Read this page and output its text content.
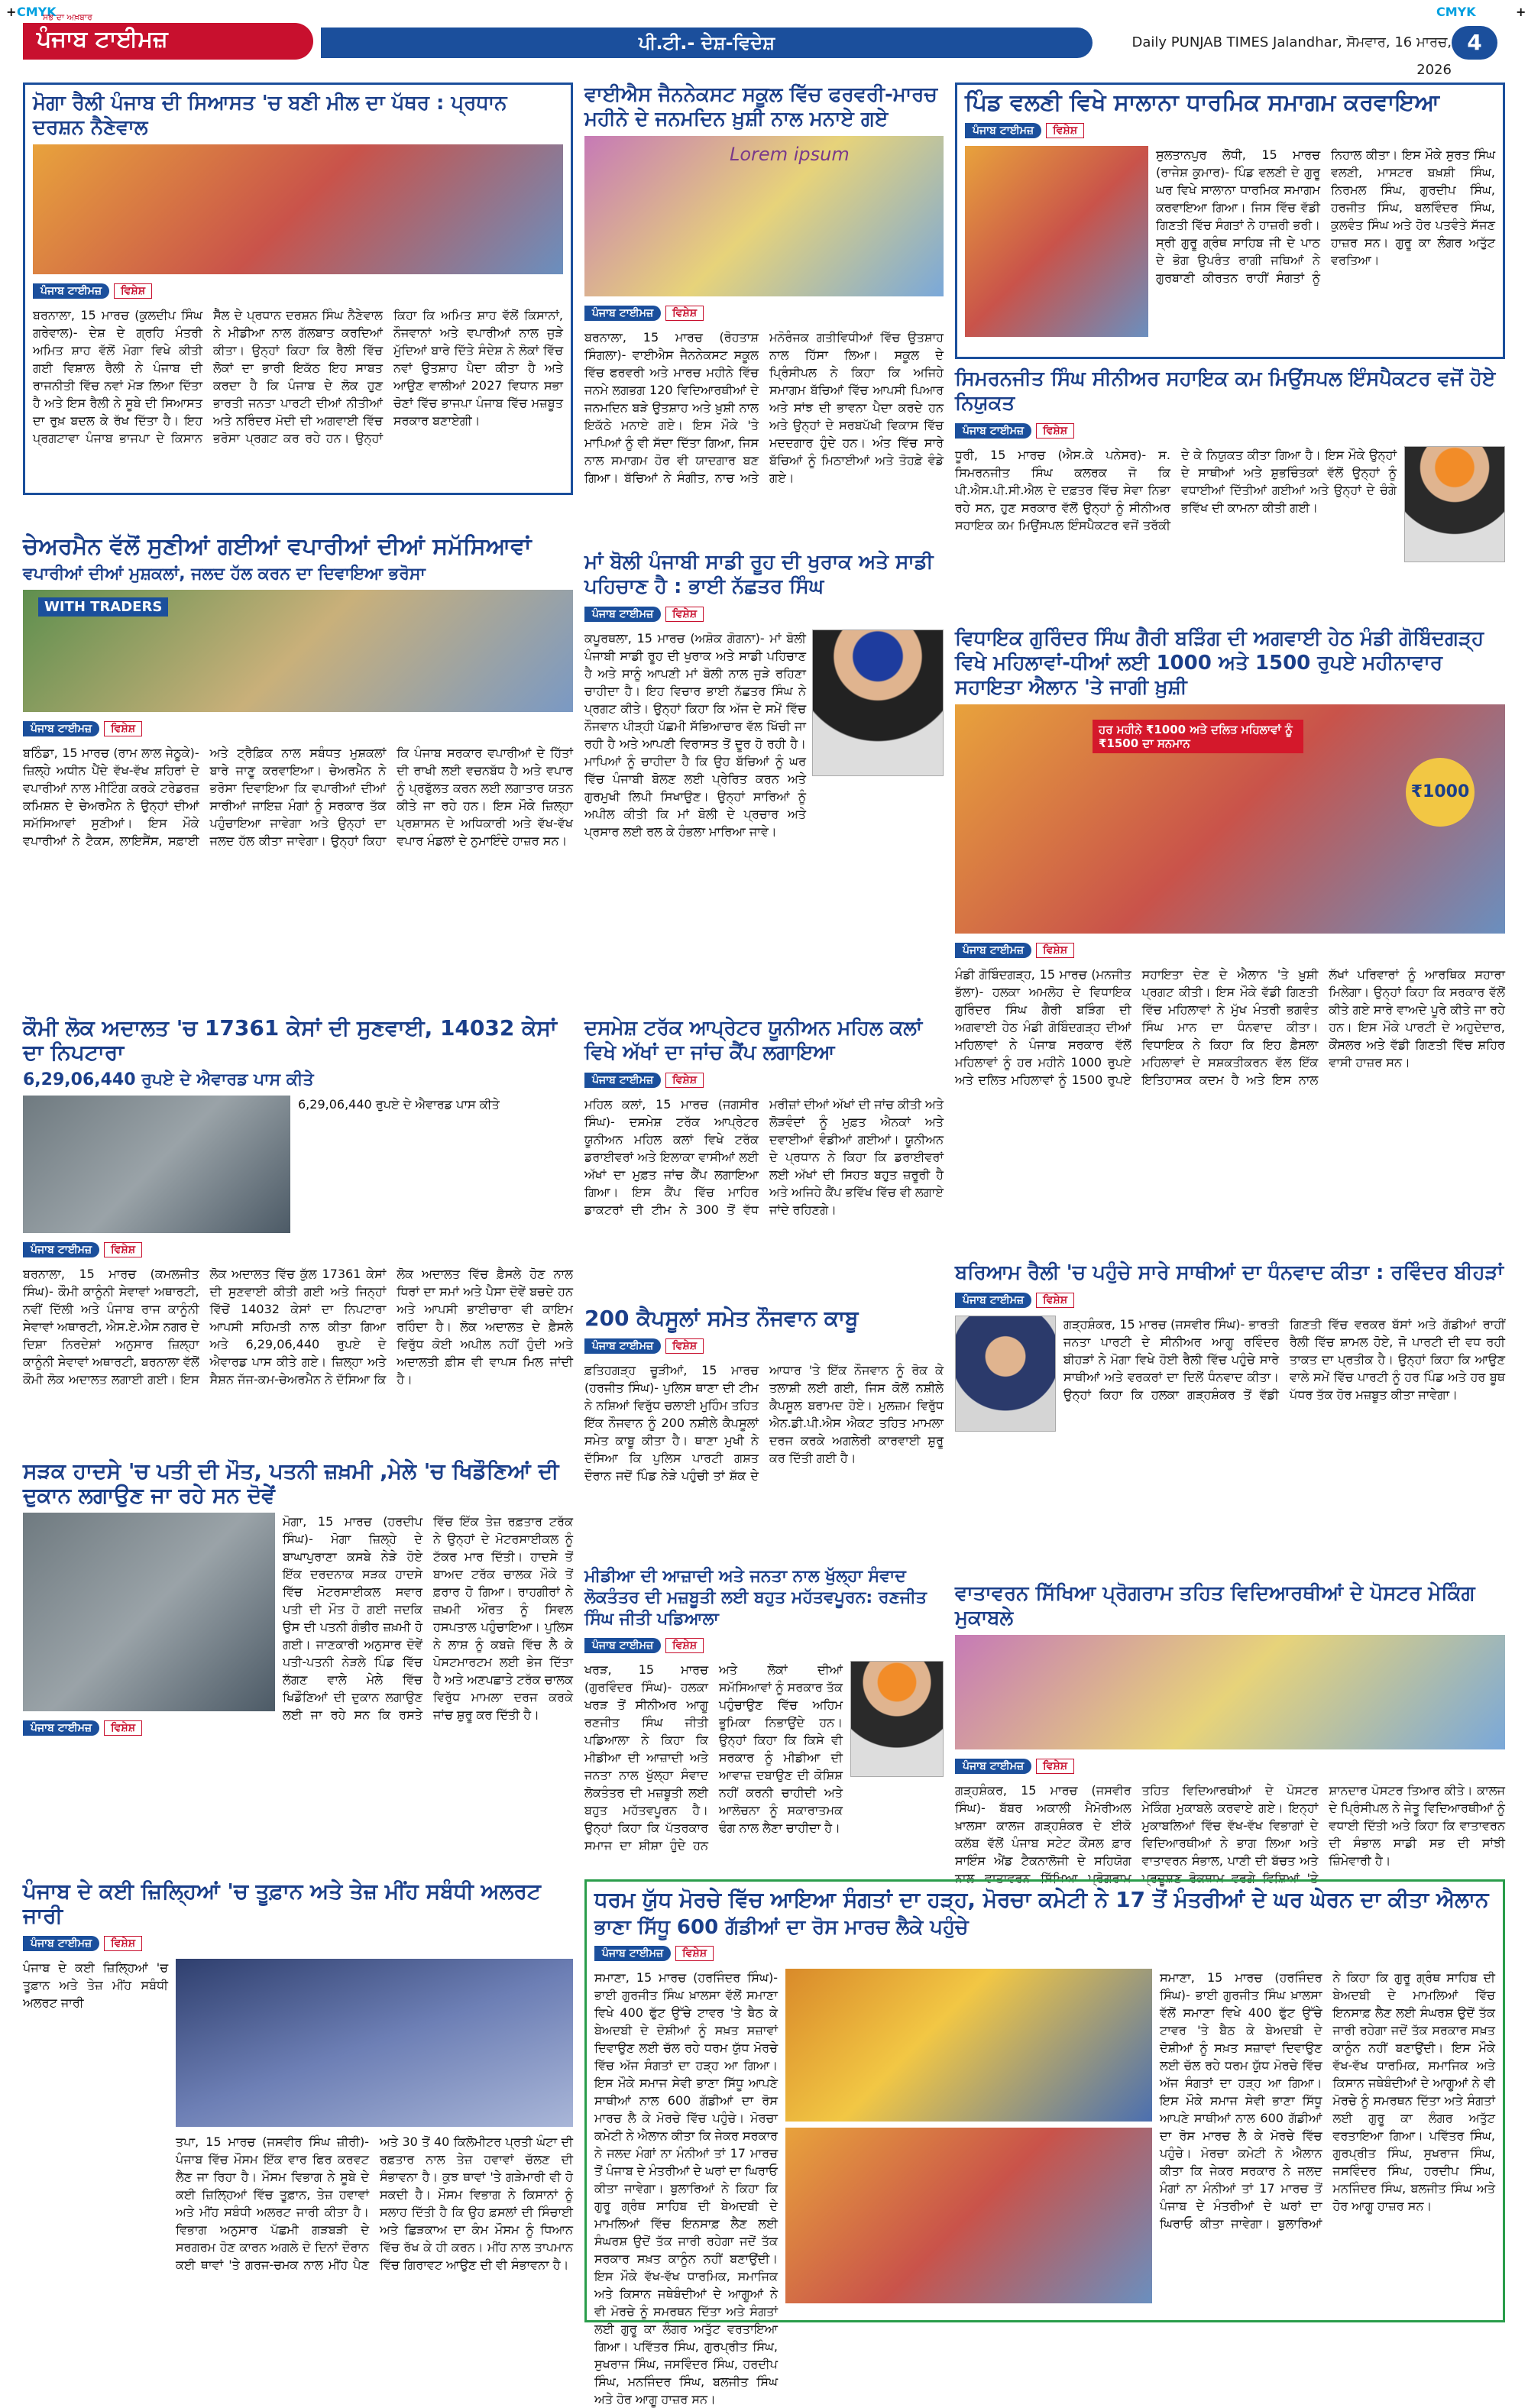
+ CMYK	CMYK	+
ਸਭ ਦਾ ਅਖ਼ਬਾਰ
ਪੰਜਾਬ ਟਾਈਮਜ਼	ਪੀ.ਟੀ.- ਦੇਸ਼-ਵਿਦੇਸ਼	Daily PUNJAB TIMES Jalandhar, ਸੋਮਵਾਰ, 16 ਮਾਰਚ, 2026
4
ਮੋਗਾ ਰੈਲੀ ਪੰਜਾਬ ਦੀ ਸਿਆਸਤ 'ਚ ਬਣੀ ਮੀਲ ਦਾ ਪੱਥਰ : ਪ੍ਰਧਾਨ ਦਰਸ਼ਨ ਨੈਣੇਵਾਲ
ਪੰਜਾਬ ਟਾਈਮਜ਼ ਵਿਸ਼ੇਸ਼
ਬਰਨਾਲਾ, 15 ਮਾਰਚ (ਕੁਲਦੀਪ ਸਿੰਘ ਗਰੇਵਾਲ)- ਦੇਸ਼ ਦੇ ਗ੍ਰਹਿ ਮੰਤਰੀ ਅਮਿਤ ਸ਼ਾਹ ਵੱਲੋਂ ਮੋਗਾ ਵਿਖੇ ਕੀਤੀ ਗਈ ਵਿਸ਼ਾਲ ਰੈਲੀ ਨੇ ਪੰਜਾਬ ਦੀ ਰਾਜਨੀਤੀ ਵਿੱਚ ਨਵਾਂ ਮੋੜ ਲਿਆ ਦਿੱਤਾ ਹੈ ਅਤੇ ਇਸ ਰੈਲੀ ਨੇ ਸੂਬੇ ਦੀ ਸਿਆਸਤ ਦਾ ਰੁਖ਼ ਬਦਲ ਕੇ ਰੱਖ ਦਿੱਤਾ ਹੈ। ਇਹ ਪ੍ਰਗਟਾਵਾ ਪੰਜਾਬ ਭਾਜਪਾ ਦੇ ਕਿਸਾਨ ਸੈੱਲ ਦੇ ਪ੍ਰਧਾਨ ਦਰਸ਼ਨ ਸਿੰਘ ਨੈਣੇਵਾਲ ਨੇ ਮੀਡੀਆ ਨਾਲ ਗੱਲਬਾਤ ਕਰਦਿਆਂ ਕੀਤਾ। ਉਨ੍ਹਾਂ ਕਿਹਾ ਕਿ ਰੈਲੀ ਵਿੱਚ ਲੋਕਾਂ ਦਾ ਭਾਰੀ ਇਕੱਠ ਇਹ ਸਾਬਤ ਕਰਦਾ ਹੈ ਕਿ ਪੰਜਾਬ ਦੇ ਲੋਕ ਹੁਣ ਭਾਰਤੀ ਜਨਤਾ ਪਾਰਟੀ ਦੀਆਂ ਨੀਤੀਆਂ ਅਤੇ ਨਰਿੰਦਰ ਮੋਦੀ ਦੀ ਅਗਵਾਈ ਵਿੱਚ ਭਰੋਸਾ ਪ੍ਰਗਟ ਕਰ ਰਹੇ ਹਨ। ਉਨ੍ਹਾਂ ਕਿਹਾ ਕਿ ਅਮਿਤ ਸ਼ਾਹ ਵੱਲੋਂ ਕਿਸਾਨਾਂ, ਨੌਜਵਾਨਾਂ ਅਤੇ ਵਪਾਰੀਆਂ ਨਾਲ ਜੁੜੇ ਮੁੱਦਿਆਂ ਬਾਰੇ ਦਿੱਤੇ ਸੰਦੇਸ਼ ਨੇ ਲੋਕਾਂ ਵਿੱਚ ਨਵਾਂ ਉਤਸ਼ਾਹ ਪੈਦਾ ਕੀਤਾ ਹੈ ਅਤੇ ਆਉਣ ਵਾਲੀਆਂ 2027 ਵਿਧਾਨ ਸਭਾ ਚੋਣਾਂ ਵਿੱਚ ਭਾਜਪਾ ਪੰਜਾਬ ਵਿੱਚ ਮਜ਼ਬੂਤ ਸਰਕਾਰ ਬਣਾਏਗੀ।
ਵਾਈਐਸ ਜੈਨਨੇਕਸਟ ਸਕੂਲ ਵਿੱਚ ਫਰਵਰੀ-ਮਾਰਚ ਮਹੀਨੇ ਦੇ ਜਨਮਦਿਨ ਖ਼ੁਸ਼ੀ ਨਾਲ ਮਨਾਏ ਗਏ
Lorem ipsum
ਪੰਜਾਬ ਟਾਈਮਜ਼ ਵਿਸ਼ੇਸ਼
ਬਰਨਾਲਾ, 15 ਮਾਰਚ (ਰੋਹਤਾਸ਼ ਸਿੰਗਲਾ)- ਵਾਈਐਸ ਜੈਨਨੇਕਸਟ ਸਕੂਲ ਵਿੱਚ ਫਰਵਰੀ ਅਤੇ ਮਾਰਚ ਮਹੀਨੇ ਵਿੱਚ ਜਨਮੇ ਲਗਭਗ 120 ਵਿਦਿਆਰਥੀਆਂ ਦੇ ਜਨਮਦਿਨ ਬੜੇ ਉਤਸ਼ਾਹ ਅਤੇ ਖ਼ੁਸ਼ੀ ਨਾਲ ਇਕੱਠੇ ਮਨਾਏ ਗਏ। ਇਸ ਮੌਕੇ 'ਤੇ ਮਾਪਿਆਂ ਨੂੰ ਵੀ ਸੱਦਾ ਦਿੱਤਾ ਗਿਆ, ਜਿਸ ਨਾਲ ਸਮਾਗਮ ਹੋਰ ਵੀ ਯਾਦਗਾਰ ਬਣ ਗਿਆ। ਬੱਚਿਆਂ ਨੇ ਸੰਗੀਤ, ਨਾਚ ਅਤੇ ਮਨੋਰੰਜਕ ਗਤੀਵਿਧੀਆਂ ਵਿੱਚ ਉਤਸ਼ਾਹ ਨਾਲ ਹਿੱਸਾ ਲਿਆ। ਸਕੂਲ ਦੇ ਪ੍ਰਿੰਸੀਪਲ ਨੇ ਕਿਹਾ ਕਿ ਅਜਿਹੇ ਸਮਾਗਮ ਬੱਚਿਆਂ ਵਿੱਚ ਆਪਸੀ ਪਿਆਰ ਅਤੇ ਸਾਂਝ ਦੀ ਭਾਵਨਾ ਪੈਦਾ ਕਰਦੇ ਹਨ ਅਤੇ ਉਨ੍ਹਾਂ ਦੇ ਸਰਬਪੱਖੀ ਵਿਕਾਸ ਵਿੱਚ ਮਦਦਗਾਰ ਹੁੰਦੇ ਹਨ। ਅੰਤ ਵਿੱਚ ਸਾਰੇ ਬੱਚਿਆਂ ਨੂੰ ਮਿਠਾਈਆਂ ਅਤੇ ਤੋਹਫ਼ੇ ਵੰਡੇ ਗਏ।
ਪਿੰਡ ਵਲਣੀ ਵਿਖੇ ਸਾਲਾਨਾ ਧਾਰਮਿਕ ਸਮਾਗਮ ਕਰਵਾਇਆ
ਪੰਜਾਬ ਟਾਈਮਜ਼ ਵਿਸ਼ੇਸ਼
ਸੁਲਤਾਨਪੁਰ ਲੋਧੀ, 15 ਮਾਰਚ (ਰਾਜੇਸ਼ ਕੁਮਾਰ)- ਪਿੰਡ ਵਲਣੀ ਦੇ ਗੁਰੂ ਘਰ ਵਿਖੇ ਸਾਲਾਨਾ ਧਾਰਮਿਕ ਸਮਾਗਮ ਕਰਵਾਇਆ ਗਿਆ। ਜਿਸ ਵਿੱਚ ਵੱਡੀ ਗਿਣਤੀ ਵਿੱਚ ਸੰਗਤਾਂ ਨੇ ਹਾਜ਼ਰੀ ਭਰੀ। ਸ੍ਰੀ ਗੁਰੂ ਗ੍ਰੰਥ ਸਾਹਿਬ ਜੀ ਦੇ ਪਾਠ ਦੇ ਭੋਗ ਉਪਰੰਤ ਰਾਗੀ ਜਥਿਆਂ ਨੇ ਗੁਰਬਾਣੀ ਕੀਰਤਨ ਰਾਹੀਂ ਸੰਗਤਾਂ ਨੂੰ ਨਿਹਾਲ ਕੀਤਾ। ਇਸ ਮੌਕੇ ਸੁਰਤ ਸਿੰਘ ਵਲਣੀ, ਮਾਸਟਰ ਬਖ਼ਸ਼ੀ ਸਿੰਘ, ਨਿਰਮਲ ਸਿੰਘ, ਗੁਰਦੀਪ ਸਿੰਘ, ਹਰਜੀਤ ਸਿੰਘ, ਬਲਵਿੰਦਰ ਸਿੰਘ, ਕੁਲਵੰਤ ਸਿੰਘ ਅਤੇ ਹੋਰ ਪਤਵੰਤੇ ਸੱਜਣ ਹਾਜ਼ਰ ਸਨ। ਗੁਰੂ ਕਾ ਲੰਗਰ ਅਤੁੱਟ ਵਰਤਿਆ।
ਸਿਮਰਨਜੀਤ ਸਿੰਘ ਸੀਨੀਅਰ ਸਹਾਇਕ ਕਮ ਮਿਉਂਸਪਲ ਇੰਸਪੈਕਟਰ ਵਜੋਂ ਹੋਏ ਨਿਯੁਕਤ
ਪੰਜਾਬ ਟਾਈਮਜ਼ ਵਿਸ਼ੇਸ਼
ਧੂਰੀ, 15 ਮਾਰਚ (ਐਸ.ਕੇ ਪਨੇਸਰ)- ਸ. ਸਿਮਰਨਜੀਤ ਸਿੰਘ ਕਲਰਕ ਜੋ ਕਿ ਪੀ.ਐਸ.ਪੀ.ਸੀ.ਐਲ ਦੇ ਦਫ਼ਤਰ ਵਿੱਚ ਸੇਵਾ ਨਿਭਾ ਰਹੇ ਸਨ, ਹੁਣ ਸਰਕਾਰ ਵੱਲੋਂ ਉਨ੍ਹਾਂ ਨੂੰ ਸੀਨੀਅਰ ਸਹਾਇਕ ਕਮ ਮਿਉਂਸਪਲ ਇੰਸਪੈਕਟਰ ਵਜੋਂ ਤਰੱਕੀ ਦੇ ਕੇ ਨਿਯੁਕਤ ਕੀਤਾ ਗਿਆ ਹੈ। ਇਸ ਮੌਕੇ ਉਨ੍ਹਾਂ ਦੇ ਸਾਥੀਆਂ ਅਤੇ ਸ਼ੁਭਚਿੰਤਕਾਂ ਵੱਲੋਂ ਉਨ੍ਹਾਂ ਨੂੰ ਵਧਾਈਆਂ ਦਿੱਤੀਆਂ ਗਈਆਂ ਅਤੇ ਉਨ੍ਹਾਂ ਦੇ ਚੰਗੇ ਭਵਿੱਖ ਦੀ ਕਾਮਨਾ ਕੀਤੀ ਗਈ।
ਚੇਅਰਮੈਨ ਵੱਲੋਂ ਸੁਣੀਆਂ ਗਈਆਂ ਵਪਾਰੀਆਂ ਦੀਆਂ ਸਮੱਸਿਆਵਾਂ
ਵਪਾਰੀਆਂ ਦੀਆਂ ਮੁਸ਼ਕਲਾਂ, ਜਲਦ ਹੱਲ ਕਰਨ ਦਾ ਦਿਵਾਇਆ ਭਰੋਸਾ
WITH TRADERS
ਪੰਜਾਬ ਟਾਈਮਜ਼ ਵਿਸ਼ੇਸ਼
ਬਠਿੰਡਾ, 15 ਮਾਰਚ (ਰਾਮ ਲਾਲ ਜੇਠੂਕੇ)- ਜ਼ਿਲ੍ਹੇ ਅਧੀਨ ਪੈਂਦੇ ਵੱਖ-ਵੱਖ ਸ਼ਹਿਰਾਂ ਦੇ ਵਪਾਰੀਆਂ ਨਾਲ ਮੀਟਿੰਗ ਕਰਕੇ ਟਰੇਡਰਜ਼ ਕਮਿਸ਼ਨ ਦੇ ਚੇਅਰਮੈਨ ਨੇ ਉਨ੍ਹਾਂ ਦੀਆਂ ਸਮੱਸਿਆਵਾਂ ਸੁਣੀਆਂ। ਇਸ ਮੌਕੇ ਵਪਾਰੀਆਂ ਨੇ ਟੈਕਸ, ਲਾਇਸੈਂਸ, ਸਫ਼ਾਈ ਅਤੇ ਟ੍ਰੈਫ਼ਿਕ ਨਾਲ ਸਬੰਧਤ ਮੁਸ਼ਕਲਾਂ ਬਾਰੇ ਜਾਣੂ ਕਰਵਾਇਆ। ਚੇਅਰਮੈਨ ਨੇ ਭਰੋਸਾ ਦਿਵਾਇਆ ਕਿ ਵਪਾਰੀਆਂ ਦੀਆਂ ਸਾਰੀਆਂ ਜਾਇਜ਼ ਮੰਗਾਂ ਨੂੰ ਸਰਕਾਰ ਤੱਕ ਪਹੁੰਚਾਇਆ ਜਾਵੇਗਾ ਅਤੇ ਉਨ੍ਹਾਂ ਦਾ ਜਲਦ ਹੱਲ ਕੀਤਾ ਜਾਵੇਗਾ। ਉਨ੍ਹਾਂ ਕਿਹਾ ਕਿ ਪੰਜਾਬ ਸਰਕਾਰ ਵਪਾਰੀਆਂ ਦੇ ਹਿੱਤਾਂ ਦੀ ਰਾਖੀ ਲਈ ਵਚਨਬੱਧ ਹੈ ਅਤੇ ਵਪਾਰ ਨੂੰ ਪ੍ਰਫੁੱਲਤ ਕਰਨ ਲਈ ਲਗਾਤਾਰ ਯਤਨ ਕੀਤੇ ਜਾ ਰਹੇ ਹਨ। ਇਸ ਮੌਕੇ ਜ਼ਿਲ੍ਹਾ ਪ੍ਰਸ਼ਾਸਨ ਦੇ ਅਧਿਕਾਰੀ ਅਤੇ ਵੱਖ-ਵੱਖ ਵਪਾਰ ਮੰਡਲਾਂ ਦੇ ਨੁਮਾਇੰਦੇ ਹਾਜ਼ਰ ਸਨ।
ਮਾਂ ਬੋਲੀ ਪੰਜਾਬੀ ਸਾਡੀ ਰੂਹ ਦੀ ਖੁਰਾਕ ਅਤੇ ਸਾਡੀ ਪਹਿਚਾਣ ਹੈ : ਭਾਈ ਨੱਛਤਰ ਸਿੰਘ
ਪੰਜਾਬ ਟਾਈਮਜ਼ ਵਿਸ਼ੇਸ਼
ਕਪੂਰਥਲਾ, 15 ਮਾਰਚ (ਅਸ਼ੋਕ ਗੋਗਨਾ)- ਮਾਂ ਬੋਲੀ ਪੰਜਾਬੀ ਸਾਡੀ ਰੂਹ ਦੀ ਖੁਰਾਕ ਅਤੇ ਸਾਡੀ ਪਹਿਚਾਣ ਹੈ ਅਤੇ ਸਾਨੂੰ ਆਪਣੀ ਮਾਂ ਬੋਲੀ ਨਾਲ ਜੁੜੇ ਰਹਿਣਾ ਚਾਹੀਦਾ ਹੈ। ਇਹ ਵਿਚਾਰ ਭਾਈ ਨੱਛਤਰ ਸਿੰਘ ਨੇ ਪ੍ਰਗਟ ਕੀਤੇ। ਉਨ੍ਹਾਂ ਕਿਹਾ ਕਿ ਅੱਜ ਦੇ ਸਮੇਂ ਵਿੱਚ ਨੌਜਵਾਨ ਪੀੜ੍ਹੀ ਪੱਛਮੀ ਸੱਭਿਆਚਾਰ ਵੱਲ ਖਿੱਚੀ ਜਾ ਰਹੀ ਹੈ ਅਤੇ ਆਪਣੀ ਵਿਰਾਸਤ ਤੋਂ ਦੂਰ ਹੋ ਰਹੀ ਹੈ। ਮਾਪਿਆਂ ਨੂੰ ਚਾਹੀਦਾ ਹੈ ਕਿ ਉਹ ਬੱਚਿਆਂ ਨੂੰ ਘਰ ਵਿੱਚ ਪੰਜਾਬੀ ਬੋਲਣ ਲਈ ਪ੍ਰੇਰਿਤ ਕਰਨ ਅਤੇ ਗੁਰਮੁਖੀ ਲਿਪੀ ਸਿਖਾਉਣ। ਉਨ੍ਹਾਂ ਸਾਰਿਆਂ ਨੂੰ ਅਪੀਲ ਕੀਤੀ ਕਿ ਮਾਂ ਬੋਲੀ ਦੇ ਪ੍ਰਚਾਰ ਅਤੇ ਪ੍ਰਸਾਰ ਲਈ ਰਲ ਕੇ ਹੰਭਲਾ ਮਾਰਿਆ ਜਾਵੇ।
ਵਿਧਾਇਕ ਗੁਰਿੰਦਰ ਸਿੰਘ ਗੈਰੀ ਬੜਿੰਗ ਦੀ ਅਗਵਾਈ ਹੇਠ ਮੰਡੀ ਗੋਬਿੰਦਗੜ੍ਹ ਵਿਖੇ ਮਹਿਲਾਵਾਂ-ਧੀਆਂ ਲਈ 1000 ਅਤੇ 1500 ਰੁਪਏ ਮਹੀਨਾਵਾਰ ਸਹਾਇਤਾ ਐਲਾਨ 'ਤੇ ਜਾਗੀ ਖ਼ੁਸ਼ੀ
ਹਰ ਮਹੀਨੇ ₹1000 ਅਤੇ ਦਲਿਤ ਮਹਿਲਾਵਾਂ ਨੂੰ ₹1500 ਦਾ ਸਨਮਾਨ
₹1000
ਪੰਜਾਬ ਟਾਈਮਜ਼ ਵਿਸ਼ੇਸ਼
ਮੰਡੀ ਗੋਬਿੰਦਗੜ੍ਹ, 15 ਮਾਰਚ (ਮਨਜੀਤ ਭੱਲਾ)- ਹਲਕਾ ਅਮਲੋਹ ਦੇ ਵਿਧਾਇਕ ਗੁਰਿੰਦਰ ਸਿੰਘ ਗੈਰੀ ਬੜਿੰਗ ਦੀ ਅਗਵਾਈ ਹੇਠ ਮੰਡੀ ਗੋਬਿੰਦਗੜ੍ਹ ਦੀਆਂ ਮਹਿਲਾਵਾਂ ਨੇ ਪੰਜਾਬ ਸਰਕਾਰ ਵੱਲੋਂ ਮਹਿਲਾਵਾਂ ਨੂੰ ਹਰ ਮਹੀਨੇ 1000 ਰੁਪਏ ਅਤੇ ਦਲਿਤ ਮਹਿਲਾਵਾਂ ਨੂੰ 1500 ਰੁਪਏ ਸਹਾਇਤਾ ਦੇਣ ਦੇ ਐਲਾਨ 'ਤੇ ਖ਼ੁਸ਼ੀ ਪ੍ਰਗਟ ਕੀਤੀ। ਇਸ ਮੌਕੇ ਵੱਡੀ ਗਿਣਤੀ ਵਿੱਚ ਮਹਿਲਾਵਾਂ ਨੇ ਮੁੱਖ ਮੰਤਰੀ ਭਗਵੰਤ ਸਿੰਘ ਮਾਨ ਦਾ ਧੰਨਵਾਦ ਕੀਤਾ। ਵਿਧਾਇਕ ਨੇ ਕਿਹਾ ਕਿ ਇਹ ਫ਼ੈਸਲਾ ਮਹਿਲਾਵਾਂ ਦੇ ਸਸ਼ਕਤੀਕਰਨ ਵੱਲ ਇੱਕ ਇਤਿਹਾਸਕ ਕਦਮ ਹੈ ਅਤੇ ਇਸ ਨਾਲ ਲੱਖਾਂ ਪਰਿਵਾਰਾਂ ਨੂੰ ਆਰਥਿਕ ਸਹਾਰਾ ਮਿਲੇਗਾ। ਉਨ੍ਹਾਂ ਕਿਹਾ ਕਿ ਸਰਕਾਰ ਵੱਲੋਂ ਕੀਤੇ ਗਏ ਸਾਰੇ ਵਾਅਦੇ ਪੂਰੇ ਕੀਤੇ ਜਾ ਰਹੇ ਹਨ। ਇਸ ਮੌਕੇ ਪਾਰਟੀ ਦੇ ਅਹੁਦੇਦਾਰ, ਕੌਂਸਲਰ ਅਤੇ ਵੱਡੀ ਗਿਣਤੀ ਵਿੱਚ ਸ਼ਹਿਰ ਵਾਸੀ ਹਾਜ਼ਰ ਸਨ।
ਕੌਮੀ ਲੋਕ ਅਦਾਲਤ 'ਚ 17361 ਕੇਸਾਂ ਦੀ ਸੁਣਵਾਈ, 14032 ਕੇਸਾਂ ਦਾ ਨਿਪਟਾਰਾ
6,29,06,440 ਰੁਪਏ ਦੇ ਐਵਾਰਡ ਪਾਸ ਕੀਤੇ
6,29,06,440 ਰੁਪਏ ਦੇ ਐਵਾਰਡ ਪਾਸ ਕੀਤੇ
ਪੰਜਾਬ ਟਾਈਮਜ਼ ਵਿਸ਼ੇਸ਼
ਬਰਨਾਲਾ, 15 ਮਾਰਚ (ਕਮਲਜੀਤ ਸਿੰਘ)- ਕੌਮੀ ਕਾਨੂੰਨੀ ਸੇਵਾਵਾਂ ਅਥਾਰਟੀ, ਨਵੀਂ ਦਿੱਲੀ ਅਤੇ ਪੰਜਾਬ ਰਾਜ ਕਾਨੂੰਨੀ ਸੇਵਾਵਾਂ ਅਥਾਰਟੀ, ਐਸ.ਏ.ਐਸ ਨਗਰ ਦੇ ਦਿਸ਼ਾ ਨਿਰਦੇਸ਼ਾਂ ਅਨੁਸਾਰ ਜ਼ਿਲ੍ਹਾ ਕਾਨੂੰਨੀ ਸੇਵਾਵਾਂ ਅਥਾਰਟੀ, ਬਰਨਾਲਾ ਵੱਲੋਂ ਕੌਮੀ ਲੋਕ ਅਦਾਲਤ ਲਗਾਈ ਗਈ। ਇਸ ਲੋਕ ਅਦਾਲਤ ਵਿੱਚ ਕੁੱਲ 17361 ਕੇਸਾਂ ਦੀ ਸੁਣਵਾਈ ਕੀਤੀ ਗਈ ਅਤੇ ਜਿਨ੍ਹਾਂ ਵਿੱਚੋਂ 14032 ਕੇਸਾਂ ਦਾ ਨਿਪਟਾਰਾ ਆਪਸੀ ਸਹਿਮਤੀ ਨਾਲ ਕੀਤਾ ਗਿਆ ਅਤੇ 6,29,06,440 ਰੁਪਏ ਦੇ ਐਵਾਰਡ ਪਾਸ ਕੀਤੇ ਗਏ। ਜ਼ਿਲ੍ਹਾ ਅਤੇ ਸੈਸ਼ਨ ਜੱਜ-ਕਮ-ਚੇਅਰਮੈਨ ਨੇ ਦੱਸਿਆ ਕਿ ਲੋਕ ਅਦਾਲਤ ਵਿੱਚ ਫ਼ੈਸਲੇ ਹੋਣ ਨਾਲ ਧਿਰਾਂ ਦਾ ਸਮਾਂ ਅਤੇ ਪੈਸਾ ਦੋਵੇਂ ਬਚਦੇ ਹਨ ਅਤੇ ਆਪਸੀ ਭਾਈਚਾਰਾ ਵੀ ਕਾਇਮ ਰਹਿੰਦਾ ਹੈ। ਲੋਕ ਅਦਾਲਤ ਦੇ ਫ਼ੈਸਲੇ ਵਿਰੁੱਧ ਕੋਈ ਅਪੀਲ ਨਹੀਂ ਹੁੰਦੀ ਅਤੇ ਅਦਾਲਤੀ ਫ਼ੀਸ ਵੀ ਵਾਪਸ ਮਿਲ ਜਾਂਦੀ ਹੈ।
ਦਸਮੇਸ਼ ਟਰੱਕ ਆਪ੍ਰੇਟਰ ਯੂਨੀਅਨ ਮਹਿਲ ਕਲਾਂ ਵਿਖੇ ਅੱਖਾਂ ਦਾ ਜਾਂਚ ਕੈਂਪ ਲਗਾਇਆ
ਪੰਜਾਬ ਟਾਈਮਜ਼ ਵਿਸ਼ੇਸ਼
ਮਹਿਲ ਕਲਾਂ, 15 ਮਾਰਚ (ਜਗਸੀਰ ਸਿੰਘ)- ਦਸਮੇਸ਼ ਟਰੱਕ ਆਪ੍ਰੇਟਰ ਯੂਨੀਅਨ ਮਹਿਲ ਕਲਾਂ ਵਿਖੇ ਟਰੱਕ ਡਰਾਈਵਰਾਂ ਅਤੇ ਇਲਾਕਾ ਵਾਸੀਆਂ ਲਈ ਅੱਖਾਂ ਦਾ ਮੁਫ਼ਤ ਜਾਂਚ ਕੈਂਪ ਲਗਾਇਆ ਗਿਆ। ਇਸ ਕੈਂਪ ਵਿੱਚ ਮਾਹਿਰ ਡਾਕਟਰਾਂ ਦੀ ਟੀਮ ਨੇ 300 ਤੋਂ ਵੱਧ ਮਰੀਜ਼ਾਂ ਦੀਆਂ ਅੱਖਾਂ ਦੀ ਜਾਂਚ ਕੀਤੀ ਅਤੇ ਲੋੜਵੰਦਾਂ ਨੂੰ ਮੁਫ਼ਤ ਐਨਕਾਂ ਅਤੇ ਦਵਾਈਆਂ ਵੰਡੀਆਂ ਗਈਆਂ। ਯੂਨੀਅਨ ਦੇ ਪ੍ਰਧਾਨ ਨੇ ਕਿਹਾ ਕਿ ਡਰਾਈਵਰਾਂ ਲਈ ਅੱਖਾਂ ਦੀ ਸਿਹਤ ਬਹੁਤ ਜ਼ਰੂਰੀ ਹੈ ਅਤੇ ਅਜਿਹੇ ਕੈਂਪ ਭਵਿੱਖ ਵਿੱਚ ਵੀ ਲਗਾਏ ਜਾਂਦੇ ਰਹਿਣਗੇ।
200 ਕੈਪਸੂਲਾਂ ਸਮੇਤ ਨੌਜਵਾਨ ਕਾਬੂ
ਪੰਜਾਬ ਟਾਈਮਜ਼ ਵਿਸ਼ੇਸ਼
ਫ਼ਤਿਹਗੜ੍ਹ ਚੂੜੀਆਂ, 15 ਮਾਰਚ (ਹਰਜੀਤ ਸਿੰਘ)- ਪੁਲਿਸ ਥਾਣਾ ਦੀ ਟੀਮ ਨੇ ਨਸ਼ਿਆਂ ਵਿਰੁੱਧ ਚਲਾਈ ਮੁਹਿੰਮ ਤਹਿਤ ਇੱਕ ਨੌਜਵਾਨ ਨੂੰ 200 ਨਸ਼ੀਲੇ ਕੈਪਸੂਲਾਂ ਸਮੇਤ ਕਾਬੂ ਕੀਤਾ ਹੈ। ਥਾਣਾ ਮੁਖੀ ਨੇ ਦੱਸਿਆ ਕਿ ਪੁਲਿਸ ਪਾਰਟੀ ਗਸ਼ਤ ਦੌਰਾਨ ਜਦੋਂ ਪਿੰਡ ਨੇੜੇ ਪਹੁੰਚੀ ਤਾਂ ਸ਼ੱਕ ਦੇ ਆਧਾਰ 'ਤੇ ਇੱਕ ਨੌਜਵਾਨ ਨੂੰ ਰੋਕ ਕੇ ਤਲਾਸ਼ੀ ਲਈ ਗਈ, ਜਿਸ ਕੋਲੋਂ ਨਸ਼ੀਲੇ ਕੈਪਸੂਲ ਬਰਾਮਦ ਹੋਏ। ਮੁਲਜ਼ਮ ਵਿਰੁੱਧ ਐਨ.ਡੀ.ਪੀ.ਐਸ ਐਕਟ ਤਹਿਤ ਮਾਮਲਾ ਦਰਜ ਕਰਕੇ ਅਗਲੇਰੀ ਕਾਰਵਾਈ ਸ਼ੁਰੂ ਕਰ ਦਿੱਤੀ ਗਈ ਹੈ।
ਬਰਿਆਮ ਰੈਲੀ 'ਚ ਪਹੁੰਚੇ ਸਾਰੇ ਸਾਥੀਆਂ ਦਾ ਧੰਨਵਾਦ ਕੀਤਾ : ਰਵਿੰਦਰ ਬੀਹੜਾਂ
ਪੰਜਾਬ ਟਾਈਮਜ਼ ਵਿਸ਼ੇਸ਼
ਗੜ੍ਹਸ਼ੰਕਰ, 15 ਮਾਰਚ (ਜਸਵੀਰ ਸਿੰਘ)- ਭਾਰਤੀ ਜਨਤਾ ਪਾਰਟੀ ਦੇ ਸੀਨੀਅਰ ਆਗੂ ਰਵਿੰਦਰ ਬੀਹੜਾਂ ਨੇ ਮੋਗਾ ਵਿਖੇ ਹੋਈ ਰੈਲੀ ਵਿੱਚ ਪਹੁੰਚੇ ਸਾਰੇ ਸਾਥੀਆਂ ਅਤੇ ਵਰਕਰਾਂ ਦਾ ਦਿਲੋਂ ਧੰਨਵਾਦ ਕੀਤਾ। ਉਨ੍ਹਾਂ ਕਿਹਾ ਕਿ ਹਲਕਾ ਗੜ੍ਹਸ਼ੰਕਰ ਤੋਂ ਵੱਡੀ ਗਿਣਤੀ ਵਿੱਚ ਵਰਕਰ ਬੱਸਾਂ ਅਤੇ ਗੱਡੀਆਂ ਰਾਹੀਂ ਰੈਲੀ ਵਿੱਚ ਸ਼ਾਮਲ ਹੋਏ, ਜੋ ਪਾਰਟੀ ਦੀ ਵਧ ਰਹੀ ਤਾਕਤ ਦਾ ਪ੍ਰਤੀਕ ਹੈ। ਉਨ੍ਹਾਂ ਕਿਹਾ ਕਿ ਆਉਣ ਵਾਲੇ ਸਮੇਂ ਵਿੱਚ ਪਾਰਟੀ ਨੂੰ ਹਰ ਪਿੰਡ ਅਤੇ ਹਰ ਬੂਥ ਪੱਧਰ ਤੱਕ ਹੋਰ ਮਜ਼ਬੂਤ ਕੀਤਾ ਜਾਵੇਗਾ।
ਸੜਕ ਹਾਦਸੇ 'ਚ ਪਤੀ ਦੀ ਮੌਤ, ਪਤਨੀ ਜ਼ਖ਼ਮੀ ,ਮੇਲੇ 'ਚ ਖਿਡੌਣਿਆਂ ਦੀ ਦੁਕਾਨ ਲਗਾਉਣ ਜਾ ਰਹੇ ਸਨ ਦੋਵੇਂ
ਪੰਜਾਬ ਟਾਈਮਜ਼ ਵਿਸ਼ੇਸ਼
ਮੋਗਾ, 15 ਮਾਰਚ (ਹਰਦੀਪ ਸਿੰਘ)- ਮੋਗਾ ਜ਼ਿਲ੍ਹੇ ਦੇ ਬਾਘਾਪੁਰਾਣਾ ਕਸਬੇ ਨੇੜੇ ਹੋਏ ਇੱਕ ਦਰਦਨਾਕ ਸੜਕ ਹਾਦਸੇ ਵਿੱਚ ਮੋਟਰਸਾਈਕਲ ਸਵਾਰ ਪਤੀ ਦੀ ਮੌਤ ਹੋ ਗਈ ਜਦਕਿ ਉਸ ਦੀ ਪਤਨੀ ਗੰਭੀਰ ਜ਼ਖ਼ਮੀ ਹੋ ਗਈ। ਜਾਣਕਾਰੀ ਅਨੁਸਾਰ ਦੋਵੇਂ ਪਤੀ-ਪਤਨੀ ਨੇੜਲੇ ਪਿੰਡ ਵਿੱਚ ਲੱਗਣ ਵਾਲੇ ਮੇਲੇ ਵਿੱਚ ਖਿਡੌਣਿਆਂ ਦੀ ਦੁਕਾਨ ਲਗਾਉਣ ਲਈ ਜਾ ਰਹੇ ਸਨ ਕਿ ਰਸਤੇ ਵਿੱਚ ਇੱਕ ਤੇਜ਼ ਰਫ਼ਤਾਰ ਟਰੱਕ ਨੇ ਉਨ੍ਹਾਂ ਦੇ ਮੋਟਰਸਾਈਕਲ ਨੂੰ ਟੱਕਰ ਮਾਰ ਦਿੱਤੀ। ਹਾਦਸੇ ਤੋਂ ਬਾਅਦ ਟਰੱਕ ਚਾਲਕ ਮੌਕੇ ਤੋਂ ਫ਼ਰਾਰ ਹੋ ਗਿਆ। ਰਾਹਗੀਰਾਂ ਨੇ ਜ਼ਖ਼ਮੀ ਔਰਤ ਨੂੰ ਸਿਵਲ ਹਸਪਤਾਲ ਪਹੁੰਚਾਇਆ। ਪੁਲਿਸ ਨੇ ਲਾਸ਼ ਨੂੰ ਕਬਜ਼ੇ ਵਿੱਚ ਲੈ ਕੇ ਪੋਸਟਮਾਰਟਮ ਲਈ ਭੇਜ ਦਿੱਤਾ ਹੈ ਅਤੇ ਅਣਪਛਾਤੇ ਟਰੱਕ ਚਾਲਕ ਵਿਰੁੱਧ ਮਾਮਲਾ ਦਰਜ ਕਰਕੇ ਜਾਂਚ ਸ਼ੁਰੂ ਕਰ ਦਿੱਤੀ ਹੈ।
ਮੀਡੀਆ ਦੀ ਆਜ਼ਾਦੀ ਅਤੇ ਜਨਤਾ ਨਾਲ ਖੁੱਲ੍ਹਾ ਸੰਵਾਦ ਲੋਕਤੰਤਰ ਦੀ ਮਜ਼ਬੂਤੀ ਲਈ ਬਹੁਤ ਮਹੱਤਵਪੂਰਨ: ਰਣਜੀਤ ਸਿੰਘ ਜੀਤੀ ਪਡਿਆਲਾ
ਪੰਜਾਬ ਟਾਈਮਜ਼ ਵਿਸ਼ੇਸ਼
ਖਰੜ, 15 ਮਾਰਚ (ਗੁਰਵਿੰਦਰ ਸਿੰਘ)- ਹਲਕਾ ਖਰੜ ਤੋਂ ਸੀਨੀਅਰ ਆਗੂ ਰਣਜੀਤ ਸਿੰਘ ਜੀਤੀ ਪਡਿਆਲਾ ਨੇ ਕਿਹਾ ਕਿ ਮੀਡੀਆ ਦੀ ਆਜ਼ਾਦੀ ਅਤੇ ਜਨਤਾ ਨਾਲ ਖੁੱਲ੍ਹਾ ਸੰਵਾਦ ਲੋਕਤੰਤਰ ਦੀ ਮਜ਼ਬੂਤੀ ਲਈ ਬਹੁਤ ਮਹੱਤਵਪੂਰਨ ਹੈ। ਉਨ੍ਹਾਂ ਕਿਹਾ ਕਿ ਪੱਤਰਕਾਰ ਸਮਾਜ ਦਾ ਸ਼ੀਸ਼ਾ ਹੁੰਦੇ ਹਨ ਅਤੇ ਲੋਕਾਂ ਦੀਆਂ ਸਮੱਸਿਆਵਾਂ ਨੂੰ ਸਰਕਾਰ ਤੱਕ ਪਹੁੰਚਾਉਣ ਵਿੱਚ ਅਹਿਮ ਭੂਮਿਕਾ ਨਿਭਾਉਂਦੇ ਹਨ। ਉਨ੍ਹਾਂ ਕਿਹਾ ਕਿ ਕਿਸੇ ਵੀ ਸਰਕਾਰ ਨੂੰ ਮੀਡੀਆ ਦੀ ਆਵਾਜ਼ ਦਬਾਉਣ ਦੀ ਕੋਸ਼ਿਸ਼ ਨਹੀਂ ਕਰਨੀ ਚਾਹੀਦੀ ਅਤੇ ਆਲੋਚਨਾ ਨੂੰ ਸਕਾਰਾਤਮਕ ਢੰਗ ਨਾਲ ਲੈਣਾ ਚਾਹੀਦਾ ਹੈ।
ਵਾਤਾਵਰਨ ਸਿੱਖਿਆ ਪ੍ਰੋਗਰਾਮ ਤਹਿਤ ਵਿਦਿਆਰਥੀਆਂ ਦੇ ਪੋਸਟਰ ਮੇਕਿੰਗ ਮੁਕਾਬਲੇ
ਪੰਜਾਬ ਟਾਈਮਜ਼ ਵਿਸ਼ੇਸ਼
ਗੜ੍ਹਸ਼ੰਕਰ, 15 ਮਾਰਚ (ਜਸਵੀਰ ਸਿੰਘ)- ਬੱਬਰ ਅਕਾਲੀ ਮੈਮੋਰੀਅਲ ਖ਼ਾਲਸਾ ਕਾਲਜ ਗੜ੍ਹਸ਼ੰਕਰ ਦੇ ਈਕੋ ਕਲੱਬ ਵੱਲੋਂ ਪੰਜਾਬ ਸਟੇਟ ਕੌਂਸਲ ਫ਼ਾਰ ਸਾਇੰਸ ਐਂਡ ਟੈਕਨਾਲੋਜੀ ਦੇ ਸਹਿਯੋਗ ਨਾਲ ਵਾਤਾਵਰਨ ਸਿੱਖਿਆ ਪ੍ਰੋਗਰਾਮ ਤਹਿਤ ਵਿਦਿਆਰਥੀਆਂ ਦੇ ਪੋਸਟਰ ਮੇਕਿੰਗ ਮੁਕਾਬਲੇ ਕਰਵਾਏ ਗਏ। ਇਨ੍ਹਾਂ ਮੁਕਾਬਲਿਆਂ ਵਿੱਚ ਵੱਖ-ਵੱਖ ਵਿਭਾਗਾਂ ਦੇ ਵਿਦਿਆਰਥੀਆਂ ਨੇ ਭਾਗ ਲਿਆ ਅਤੇ ਵਾਤਾਵਰਨ ਸੰਭਾਲ, ਪਾਣੀ ਦੀ ਬੱਚਤ ਅਤੇ ਪ੍ਰਦੂਸ਼ਣ ਰੋਕਥਾਮ ਵਰਗੇ ਵਿਸ਼ਿਆਂ 'ਤੇ ਸ਼ਾਨਦਾਰ ਪੋਸਟਰ ਤਿਆਰ ਕੀਤੇ। ਕਾਲਜ ਦੇ ਪ੍ਰਿੰਸੀਪਲ ਨੇ ਜੇਤੂ ਵਿਦਿਆਰਥੀਆਂ ਨੂੰ ਵਧਾਈ ਦਿੱਤੀ ਅਤੇ ਕਿਹਾ ਕਿ ਵਾਤਾਵਰਨ ਦੀ ਸੰਭਾਲ ਸਾਡੀ ਸਭ ਦੀ ਸਾਂਝੀ ਜ਼ਿੰਮੇਵਾਰੀ ਹੈ।
ਪੰਜਾਬ ਦੇ ਕਈ ਜ਼ਿਲ੍ਹਿਆਂ 'ਚ ਤੂਫ਼ਾਨ ਅਤੇ ਤੇਜ਼ ਮੀਂਹ ਸਬੰਧੀ ਅਲਰਟ ਜਾਰੀ
ਪੰਜਾਬ ਟਾਈਮਜ਼ ਵਿਸ਼ੇਸ਼
ਪੰਜਾਬ ਦੇ ਕਈ ਜ਼ਿਲ੍ਹਿਆਂ 'ਚ ਤੂਫ਼ਾਨ ਅਤੇ ਤੇਜ਼ ਮੀਂਹ ਸਬੰਧੀ ਅਲਰਟ ਜਾਰੀ
ਤਪਾ, 15 ਮਾਰਚ (ਜਸਵੀਰ ਸਿੰਘ ਜ਼ੀਰੀ)- ਪੰਜਾਬ ਵਿੱਚ ਮੌਸਮ ਇੱਕ ਵਾਰ ਫਿਰ ਕਰਵਟ ਲੈਣ ਜਾ ਰਿਹਾ ਹੈ। ਮੌਸਮ ਵਿਭਾਗ ਨੇ ਸੂਬੇ ਦੇ ਕਈ ਜ਼ਿਲ੍ਹਿਆਂ ਵਿੱਚ ਤੂਫ਼ਾਨ, ਤੇਜ਼ ਹਵਾਵਾਂ ਅਤੇ ਮੀਂਹ ਸਬੰਧੀ ਅਲਰਟ ਜਾਰੀ ਕੀਤਾ ਹੈ। ਵਿਭਾਗ ਅਨੁਸਾਰ ਪੱਛਮੀ ਗੜਬੜੀ ਦੇ ਸਰਗਰਮ ਹੋਣ ਕਾਰਨ ਅਗਲੇ ਦੋ ਦਿਨਾਂ ਦੌਰਾਨ ਕਈ ਥਾਵਾਂ 'ਤੇ ਗਰਜ-ਚਮਕ ਨਾਲ ਮੀਂਹ ਪੈਣ ਅਤੇ 30 ਤੋਂ 40 ਕਿਲੋਮੀਟਰ ਪ੍ਰਤੀ ਘੰਟਾ ਦੀ ਰਫ਼ਤਾਰ ਨਾਲ ਤੇਜ਼ ਹਵਾਵਾਂ ਚੱਲਣ ਦੀ ਸੰਭਾਵਨਾ ਹੈ। ਕੁਝ ਥਾਵਾਂ 'ਤੇ ਗੜੇਮਾਰੀ ਵੀ ਹੋ ਸਕਦੀ ਹੈ। ਮੌਸਮ ਵਿਭਾਗ ਨੇ ਕਿਸਾਨਾਂ ਨੂੰ ਸਲਾਹ ਦਿੱਤੀ ਹੈ ਕਿ ਉਹ ਫ਼ਸਲਾਂ ਦੀ ਸਿੰਚਾਈ ਅਤੇ ਛਿੜਕਾਅ ਦਾ ਕੰਮ ਮੌਸਮ ਨੂੰ ਧਿਆਨ ਵਿੱਚ ਰੱਖ ਕੇ ਹੀ ਕਰਨ। ਮੀਂਹ ਨਾਲ ਤਾਪਮਾਨ ਵਿੱਚ ਗਿਰਾਵਟ ਆਉਣ ਦੀ ਵੀ ਸੰਭਾਵਨਾ ਹੈ।
ਧਰਮ ਯੁੱਧ ਮੋਰਚੇ ਵਿੱਚ ਆਇਆ ਸੰਗਤਾਂ ਦਾ ਹੜ੍ਹ, ਮੋਰਚਾ ਕਮੇਟੀ ਨੇ 17 ਤੋਂ ਮੰਤਰੀਆਂ ਦੇ ਘਰ ਘੇਰਨ ਦਾ ਕੀਤਾ ਐਲਾਨ
ਭਾਣਾ ਸਿੱਧੂ 600 ਗੱਡੀਆਂ ਦਾ ਰੋਸ ਮਾਰਚ ਲੈਕੇ ਪਹੁੰਚੇ
ਪੰਜਾਬ ਟਾਈਮਜ਼ ਵਿਸ਼ੇਸ਼
ਸਮਾਣਾ, 15 ਮਾਰਚ (ਹਰਜਿੰਦਰ ਸਿੰਘ)- ਭਾਈ ਗੁਰਜੀਤ ਸਿੰਘ ਖ਼ਾਲਸਾ ਵੱਲੋਂ ਸਮਾਣਾ ਵਿਖੇ 400 ਫੁੱਟ ਉੱਚੇ ਟਾਵਰ 'ਤੇ ਬੈਠ ਕੇ ਬੇਅਦਬੀ ਦੇ ਦੋਸ਼ੀਆਂ ਨੂੰ ਸਖ਼ਤ ਸਜ਼ਾਵਾਂ ਦਿਵਾਉਣ ਲਈ ਚੱਲ ਰਹੇ ਧਰਮ ਯੁੱਧ ਮੋਰਚੇ ਵਿੱਚ ਅੱਜ ਸੰਗਤਾਂ ਦਾ ਹੜ੍ਹ ਆ ਗਿਆ। ਇਸ ਮੌਕੇ ਸਮਾਜ ਸੇਵੀ ਭਾਣਾ ਸਿੱਧੂ ਆਪਣੇ ਸਾਥੀਆਂ ਨਾਲ 600 ਗੱਡੀਆਂ ਦਾ ਰੋਸ ਮਾਰਚ ਲੈ ਕੇ ਮੋਰਚੇ ਵਿੱਚ ਪਹੁੰਚੇ। ਮੋਰਚਾ ਕਮੇਟੀ ਨੇ ਐਲਾਨ ਕੀਤਾ ਕਿ ਜੇਕਰ ਸਰਕਾਰ ਨੇ ਜਲਦ ਮੰਗਾਂ ਨਾ ਮੰਨੀਆਂ ਤਾਂ 17 ਮਾਰਚ ਤੋਂ ਪੰਜਾਬ ਦੇ ਮੰਤਰੀਆਂ ਦੇ ਘਰਾਂ ਦਾ ਘਿਰਾਓ ਕੀਤਾ ਜਾਵੇਗਾ। ਬੁਲਾਰਿਆਂ ਨੇ ਕਿਹਾ ਕਿ ਗੁਰੂ ਗ੍ਰੰਥ ਸਾਹਿਬ ਦੀ ਬੇਅਦਬੀ ਦੇ ਮਾਮਲਿਆਂ ਵਿੱਚ ਇਨਸਾਫ਼ ਲੈਣ ਲਈ ਸੰਘਰਸ਼ ਉਦੋਂ ਤੱਕ ਜਾਰੀ ਰਹੇਗਾ ਜਦੋਂ ਤੱਕ ਸਰਕਾਰ ਸਖ਼ਤ ਕਾਨੂੰਨ ਨਹੀਂ ਬਣਾਉਂਦੀ। ਇਸ ਮੌਕੇ ਵੱਖ-ਵੱਖ ਧਾਰਮਿਕ, ਸਮਾਜਿਕ ਅਤੇ ਕਿਸਾਨ ਜਥੇਬੰਦੀਆਂ ਦੇ ਆਗੂਆਂ ਨੇ ਵੀ ਮੋਰਚੇ ਨੂੰ ਸਮਰਥਨ ਦਿੱਤਾ ਅਤੇ ਸੰਗਤਾਂ ਲਈ ਗੁਰੂ ਕਾ ਲੰਗਰ ਅਤੁੱਟ ਵਰਤਾਇਆ ਗਿਆ। ਪਵਿੱਤਰ ਸਿੰਘ, ਗੁਰਪ੍ਰੀਤ ਸਿੰਘ, ਸੁਖਰਾਜ ਸਿੰਘ, ਜਸਵਿੰਦਰ ਸਿੰਘ, ਹਰਦੀਪ ਸਿੰਘ, ਮਨਜਿੰਦਰ ਸਿੰਘ, ਬਲਜੀਤ ਸਿੰਘ ਅਤੇ ਹੋਰ ਆਗੂ ਹਾਜ਼ਰ ਸਨ।
ਸਮਾਣਾ, 15 ਮਾਰਚ (ਹਰਜਿੰਦਰ ਸਿੰਘ)- ਭਾਈ ਗੁਰਜੀਤ ਸਿੰਘ ਖ਼ਾਲਸਾ ਵੱਲੋਂ ਸਮਾਣਾ ਵਿਖੇ 400 ਫੁੱਟ ਉੱਚੇ ਟਾਵਰ 'ਤੇ ਬੈਠ ਕੇ ਬੇਅਦਬੀ ਦੇ ਦੋਸ਼ੀਆਂ ਨੂੰ ਸਖ਼ਤ ਸਜ਼ਾਵਾਂ ਦਿਵਾਉਣ ਲਈ ਚੱਲ ਰਹੇ ਧਰਮ ਯੁੱਧ ਮੋਰਚੇ ਵਿੱਚ ਅੱਜ ਸੰਗਤਾਂ ਦਾ ਹੜ੍ਹ ਆ ਗਿਆ। ਇਸ ਮੌਕੇ ਸਮਾਜ ਸੇਵੀ ਭਾਣਾ ਸਿੱਧੂ ਆਪਣੇ ਸਾਥੀਆਂ ਨਾਲ 600 ਗੱਡੀਆਂ ਦਾ ਰੋਸ ਮਾਰਚ ਲੈ ਕੇ ਮੋਰਚੇ ਵਿੱਚ ਪਹੁੰਚੇ। ਮੋਰਚਾ ਕਮੇਟੀ ਨੇ ਐਲਾਨ ਕੀਤਾ ਕਿ ਜੇਕਰ ਸਰਕਾਰ ਨੇ ਜਲਦ ਮੰਗਾਂ ਨਾ ਮੰਨੀਆਂ ਤਾਂ 17 ਮਾਰਚ ਤੋਂ ਪੰਜਾਬ ਦੇ ਮੰਤਰੀਆਂ ਦੇ ਘਰਾਂ ਦਾ ਘਿਰਾਓ ਕੀਤਾ ਜਾਵੇਗਾ। ਬੁਲਾਰਿਆਂ ਨੇ ਕਿਹਾ ਕਿ ਗੁਰੂ ਗ੍ਰੰਥ ਸਾਹਿਬ ਦੀ ਬੇਅਦਬੀ ਦੇ ਮਾਮਲਿਆਂ ਵਿੱਚ ਇਨਸਾਫ਼ ਲੈਣ ਲਈ ਸੰਘਰਸ਼ ਉਦੋਂ ਤੱਕ ਜਾਰੀ ਰਹੇਗਾ ਜਦੋਂ ਤੱਕ ਸਰਕਾਰ ਸਖ਼ਤ ਕਾਨੂੰਨ ਨਹੀਂ ਬਣਾਉਂਦੀ। ਇਸ ਮੌਕੇ ਵੱਖ-ਵੱਖ ਧਾਰਮਿਕ, ਸਮਾਜਿਕ ਅਤੇ ਕਿਸਾਨ ਜਥੇਬੰਦੀਆਂ ਦੇ ਆਗੂਆਂ ਨੇ ਵੀ ਮੋਰਚੇ ਨੂੰ ਸਮਰਥਨ ਦਿੱਤਾ ਅਤੇ ਸੰਗਤਾਂ ਲਈ ਗੁਰੂ ਕਾ ਲੰਗਰ ਅਤੁੱਟ ਵਰਤਾਇਆ ਗਿਆ। ਪਵਿੱਤਰ ਸਿੰਘ, ਗੁਰਪ੍ਰੀਤ ਸਿੰਘ, ਸੁਖਰਾਜ ਸਿੰਘ, ਜਸਵਿੰਦਰ ਸਿੰਘ, ਹਰਦੀਪ ਸਿੰਘ, ਮਨਜਿੰਦਰ ਸਿੰਘ, ਬਲਜੀਤ ਸਿੰਘ ਅਤੇ ਹੋਰ ਆਗੂ ਹਾਜ਼ਰ ਸਨ।
